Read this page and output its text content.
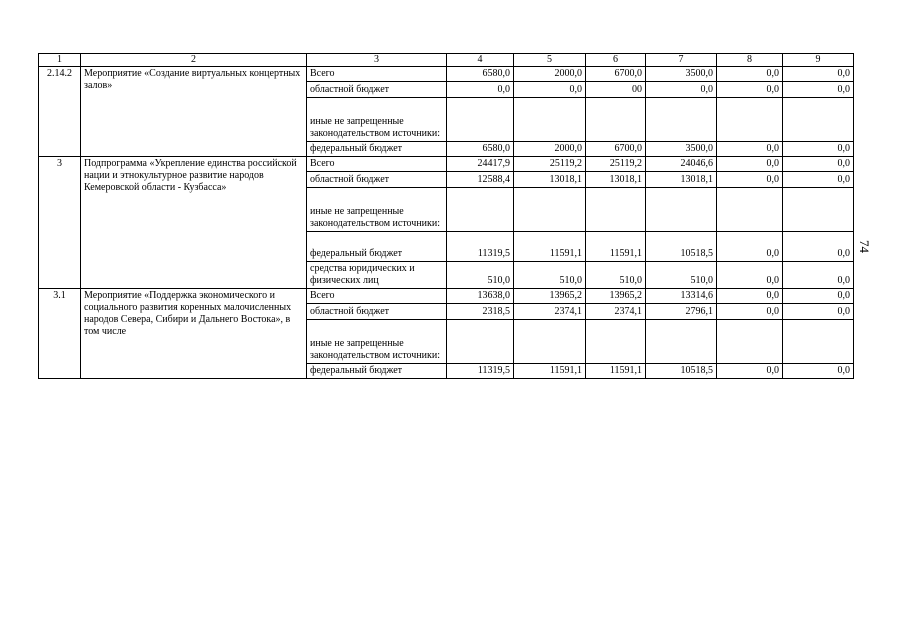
1	2	3	4	5	6	7	8	9
2.14.2	Мероприятие «Создание виртуальных концертных залов»	Всего	6580,0	2000,0	6700,0	3500,0	0,0	0,0
		областной бюджет	0,0	0,0	00	0,0	0,0	0,0
		иные не запрещенные законодательством источники:						
		федеральный бюджет	6580,0	2000,0	6700,0	3500,0	0,0	0,0
3	Подпрограмма «Укрепление единства российской нации и этнокультурное развитие народов Кемеровской области - Кузбасса»	Всего	24417,9	25119,2	25119,2	24046,6	0,0	0,0
		областной бюджет	12588,4	13018,1	13018,1	13018,1	0,0	0,0
		иные не запрещенные законодательством источники:						
		федеральный бюджет	11319,5	11591,1	11591,1	10518,5	0,0	0,0
		средства юридических и физических лиц	510,0	510,0	510,0	510,0	0,0	0,0
3.1	Мероприятие «Поддержка экономического и социального развития коренных малочисленных народов Севера, Сибири и Дальнего Востока», в том числе	Всего	13638,0	13965,2	13965,2	13314,6	0,0	0,0
		областной бюджет	2318,5	2374,1	2374,1	2796,1	0,0	0,0
		иные не запрещенные законодательством источники:						
		федеральный бюджет	11319,5	11591,1	11591,1	10518,5	0,0	0,0
74
